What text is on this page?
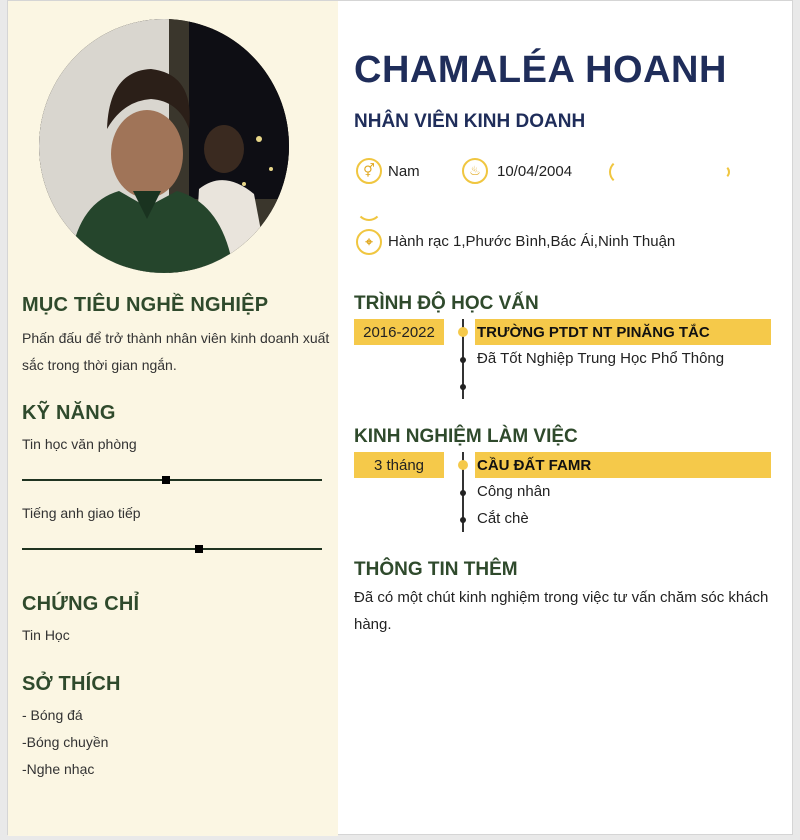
MỤC TIÊU NGHỀ NGHIỆP
Phấn đấu để trở thành nhân viên kinh doanh xuất sắc trong thời gian ngắn.
KỸ NĂNG
Tin học văn phòng
Tiếng anh giao tiếp
CHỨNG CHỈ
Tin Học
SỞ THÍCH
- Bóng đá
-Bóng chuyền
-Nghe nhạc
CHAMALÉA HOANH
NHÂN VIÊN KINH DOANH
⚥ Nam	♨	10/04/2004
⌖	Hành rạc 1,Phước Bình,Bác Ái,Ninh Thuận
TRÌNH ĐỘ HỌC VẤN
2016-2022	TRƯỜNG PTDT NT PINĂNG TẮC
Đã Tốt Nghiệp Trung Học Phổ Thông
KINH NGHIỆM LÀM VIỆC
3 tháng	CẦU ĐẤT FAMR
Công nhân
Cắt chè
THÔNG TIN THÊM
Đã có một chút kinh nghiệm trong việc tư vấn chăm sóc khách hàng.
